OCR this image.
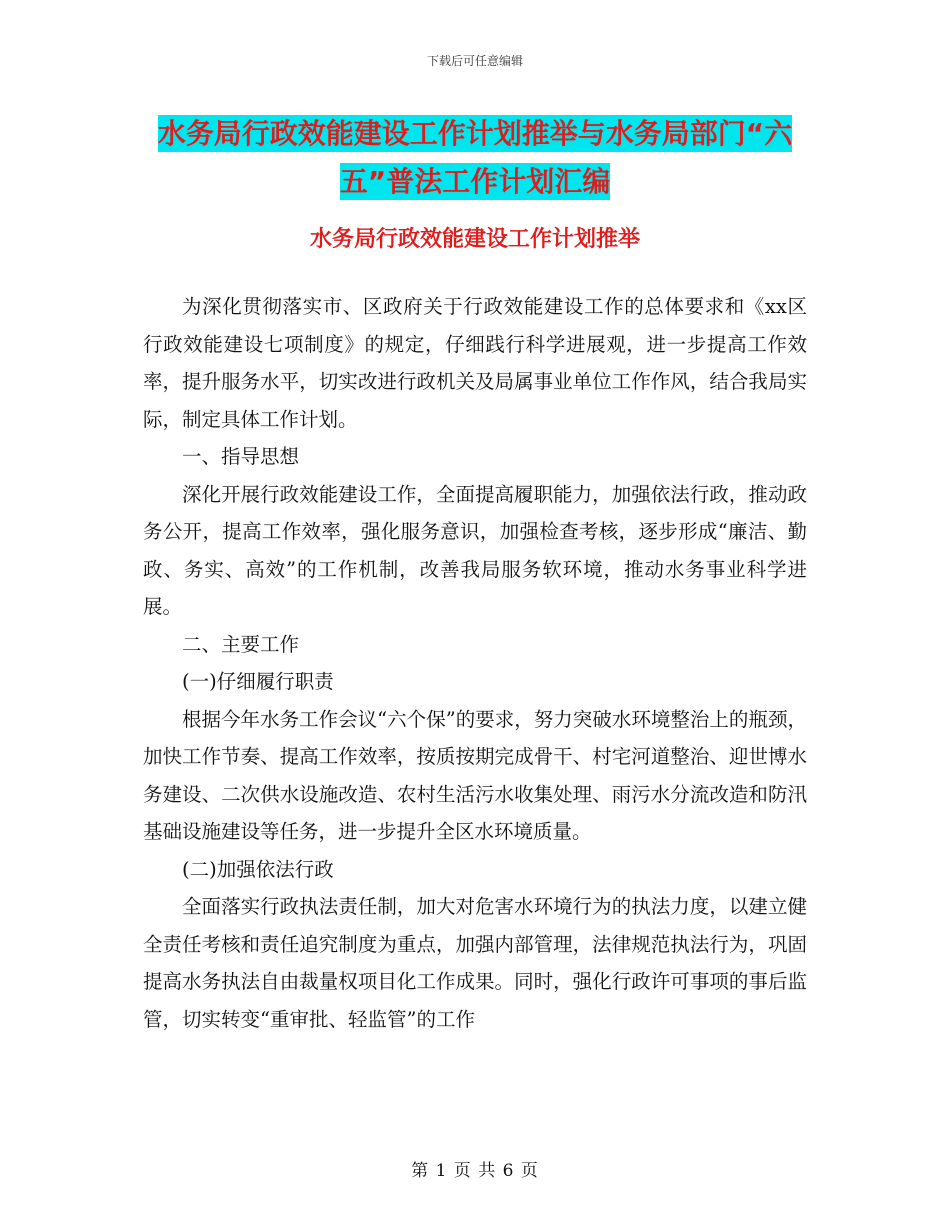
下载后可任意编辑
水务局行政效能建设工作计划推举与水务局部门“六
五”普法工作计划汇编
水务局行政效能建设工作计划推举

为深化贯彻落实市、区政府关于行政效能建设工作的总体要求和《xx区行政效能建设七项制度》的规定，仔细践行科学进展观，进一步提高工作效率，提升服务水平，切实改进行政机关及局属事业单位工作作风，结合我局实际，制定具体工作计划。

一、指导思想

深化开展行政效能建设工作，全面提高履职能力，加强依法行政，推动政务公开，提高工作效率，强化服务意识，加强检查考核，逐步形成“廉洁、勤政、务实、高效”的工作机制，改善我局服务软环境，推动水务事业科学进展。

二、主要工作

(一)仔细履行职责

根据今年水务工作会议“六个保”的要求，努力突破水环境整治上的瓶颈，加快工作节奏、提高工作效率，按质按期完成骨干、村宅河道整治、迎世博水务建设、二次供水设施改造、农村生活污水收集处理、雨污水分流改造和防汛基础设施建设等任务，进一步提升全区水环境质量。

(二)加强依法行政

全面落实行政执法责任制，加大对危害水环境行为的执法力度，以建立健全责任考核和责任追究制度为重点，加强内部管理，法律规范执法行为，巩固提高水务执法自由裁量权项目化工作成果。同时，强化行政许可事项的事后监管，切实转变“重审批、轻监管”的工作

第 1 页 共 6 页
